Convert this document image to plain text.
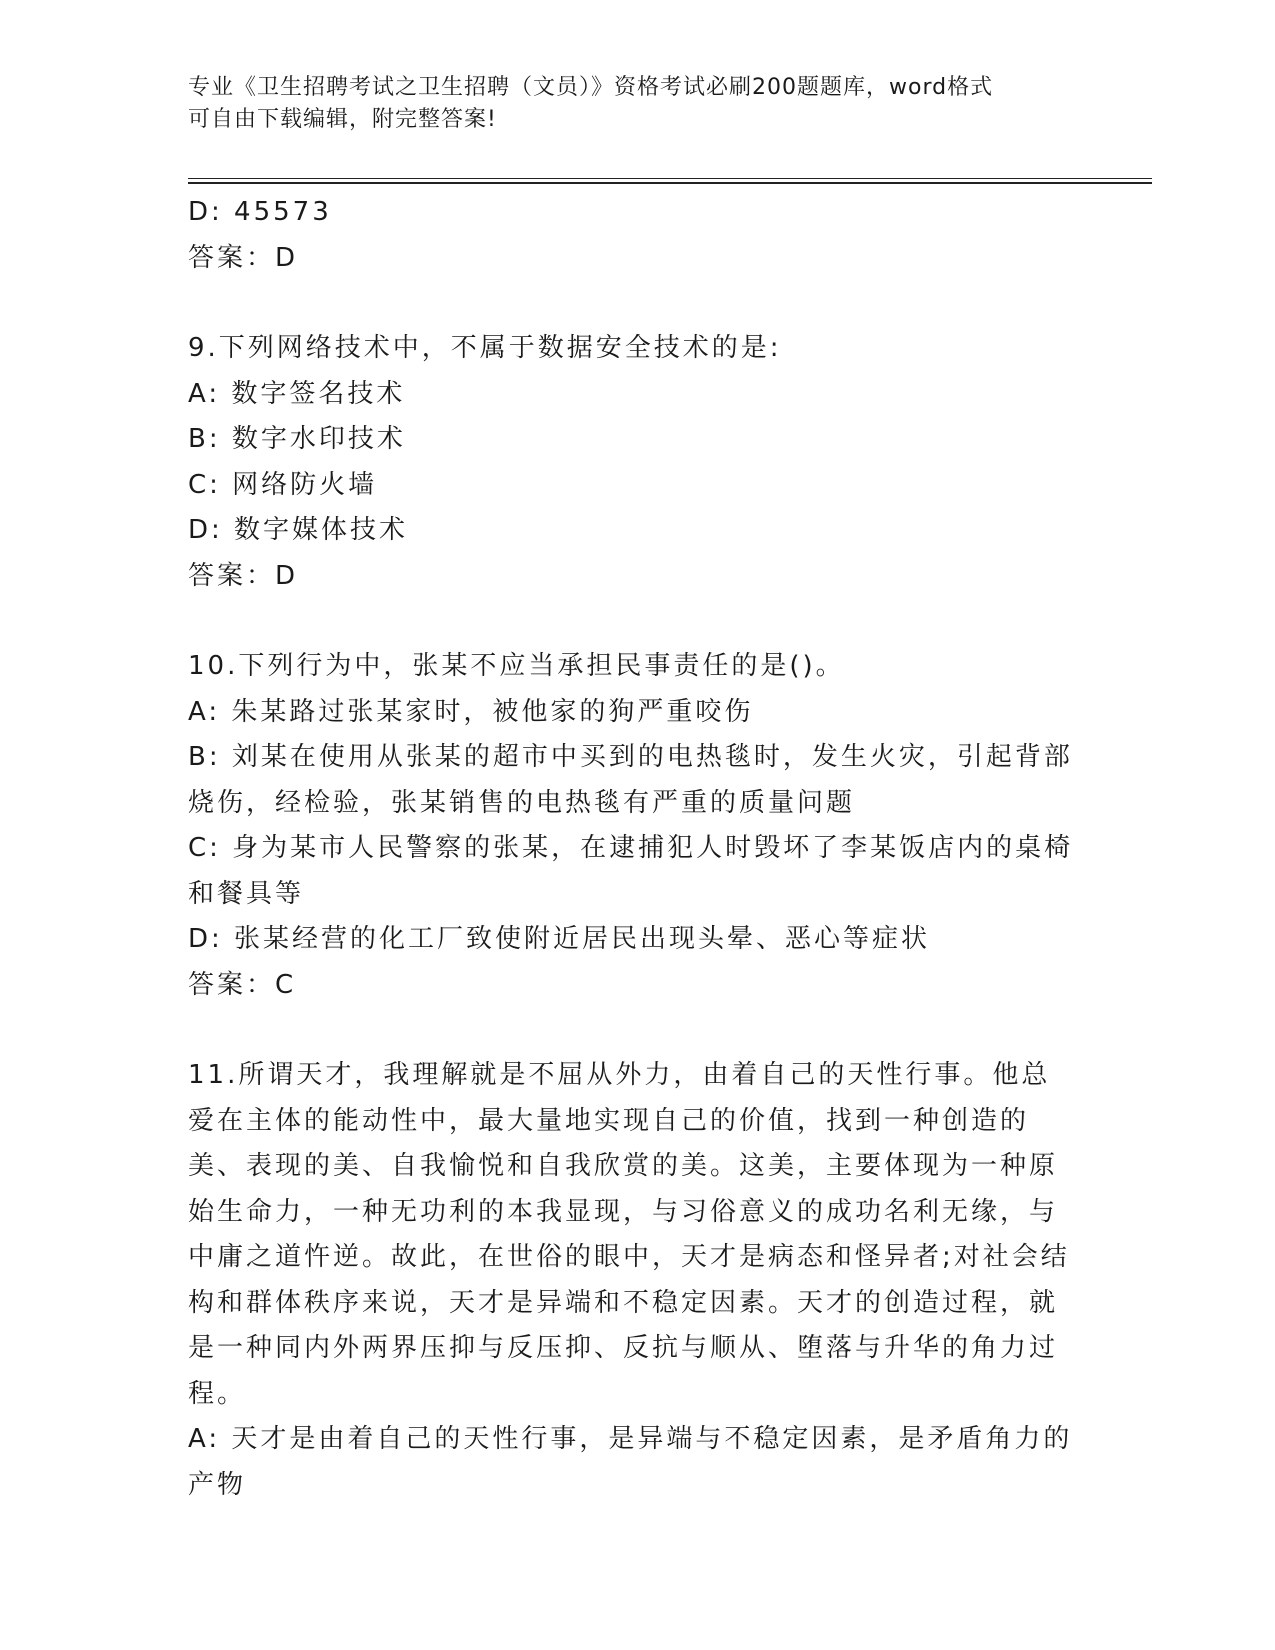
专业《卫生招聘考试之卫生招聘（文员）》资格考试必刷200题题库，word格式
可自由下载编辑，附完整答案!

D: 45573

答案：D

9.下列网络技术中，不属于数据安全技术的是:

A: 数字签名技术

B: 数字水印技术

C: 网络防火墙

D: 数字媒体技术

答案：D

10.下列行为中，张某不应当承担民事责任的是()。

A: 朱某路过张某家时，被他家的狗严重咬伤

B: 刘某在使用从张某的超市中买到的电热毯时，发生火灾，引起背部烧伤，经检验，张某销售的电热毯有严重的质量问题

C: 身为某市人民警察的张某，在逮捕犯人时毁坏了李某饭店内的桌椅和餐具等

D: 张某经营的化工厂致使附近居民出现头晕、恶心等症状

答案：C

11.所谓天才，我理解就是不屈从外力，由着自己的天性行事。他总爱在主体的能动性中，最大量地实现自己的价值，找到一种创造的美、表现的美、自我愉悦和自我欣赏的美。这美，主要体现为一种原始生命力，一种无功利的本我显现，与习俗意义的成功名利无缘，与中庸之道忤逆。故此，在世俗的眼中，天才是病态和怪异者;对社会结构和群体秩序来说，天才是异端和不稳定因素。天才的创造过程，就是一种同内外两界压抑与反压抑、反抗与顺从、堕落与升华的角力过程。

A: 天才是由着自己的天性行事，是异端与不稳定因素，是矛盾角力的产物
